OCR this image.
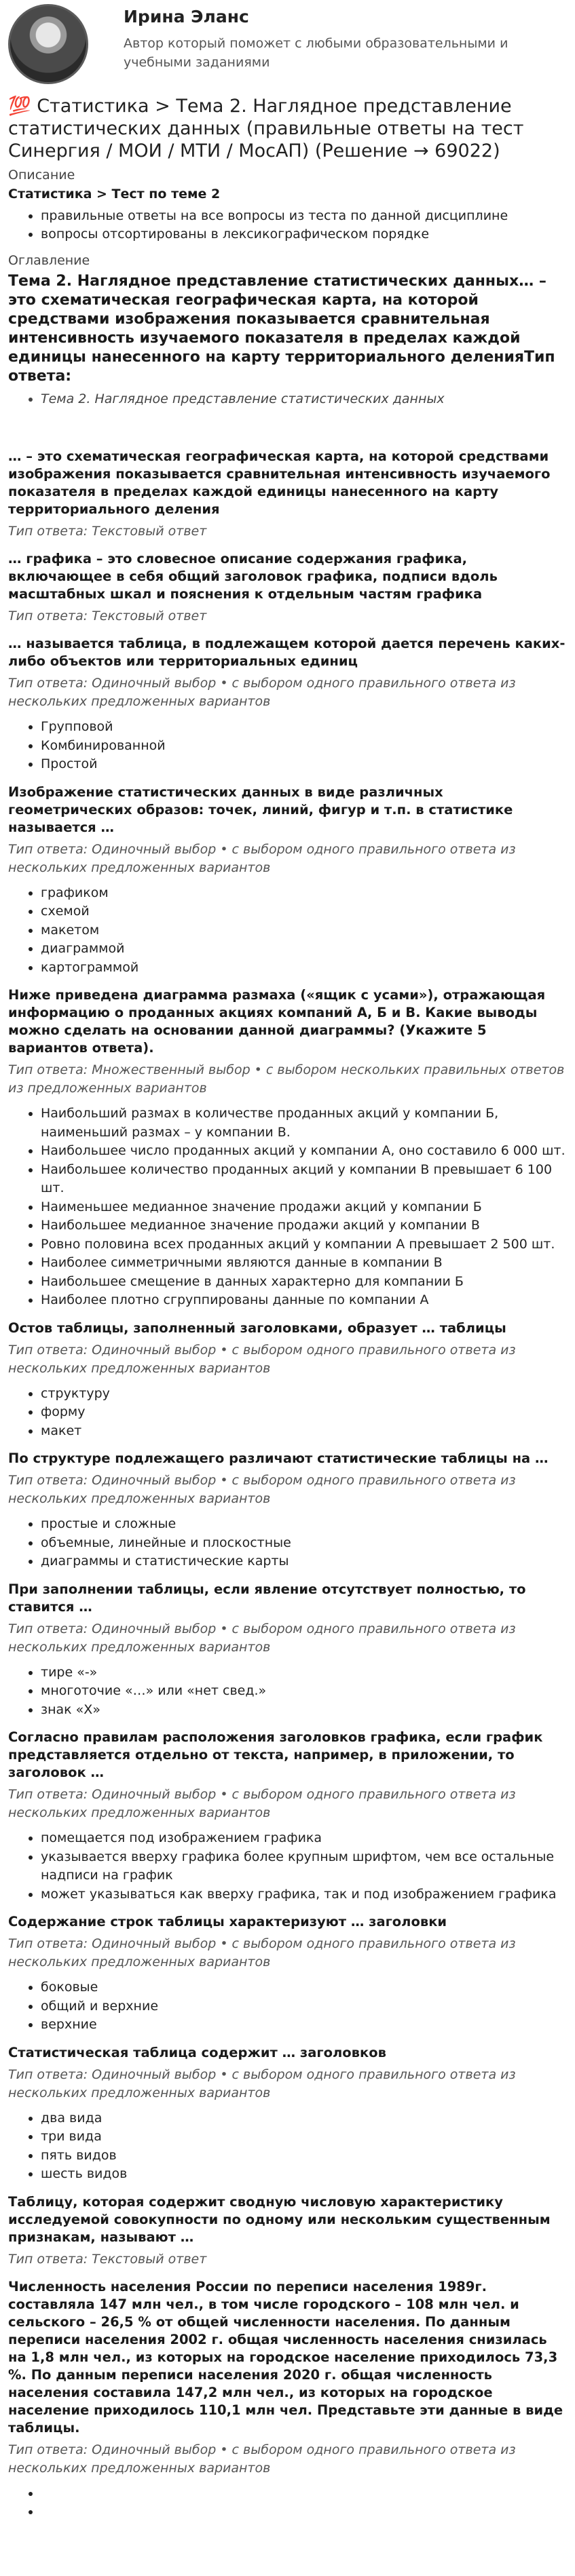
Ирина Эланс
Автор который поможет с любыми образовательными и учебными заданиями
💯 Статистика > Тема 2. Наглядное представление статистических данных (правильные ответы на тест Синергия / МОИ / МТИ / МосАП) (Решение → 69022)
Описание
Статистика > Тест по теме 2
• правильные ответы на все вопросы из теста по данной дисциплине
• вопросы отсортированы в лексикографическом порядке
Оглавление
Тема 2. Наглядное представление статистических данных… – это схематическая географическая карта, на которой средствами изображения показывается сравнительная интенсивность изучаемого показателя в пределах каждой единицы нанесенного на карту территориального деленияТип ответа:
• Тема 2. Наглядное представление статистических данных
… – это схематическая географическая карта, на которой средствами изображения показывается сравнительная интенсивность изучаемого показателя в пределах каждой единицы нанесенного на карту территориального деления
Тип ответа: Текстовый ответ
… графика – это словесное описание содержания графика, включающее в себя общий заголовок графика, подписи вдоль масштабных шкал и пояснения к отдельным частям графика
Тип ответа: Текстовый ответ
… называется таблица, в подлежащем которой дается перечень каких-либо объектов или территориальных единиц
Тип ответа: Одиночный выбор • с выбором одного правильного ответа из нескольких предложенных вариантов
• Групповой
• Комбинированной
• Простой
Изображение статистических данных в виде различных геометрических образов: точек, линий, фигур и т.п. в статистике называется …
Тип ответа: Одиночный выбор • с выбором одного правильного ответа из нескольких предложенных вариантов
• графиком
• схемой
• макетом
• диаграммой
• картограммой
Ниже приведена диаграмма размаха («ящик с усами»), отражающая информацию о проданных акциях компаний А, Б и В. Какие выводы можно сделать на основании данной диаграммы? (Укажите 5 вариантов ответа).
Тип ответа: Множественный выбор • с выбором нескольких правильных ответов из предложенных вариантов
• Наибольший размах в количестве проданных акций у компании Б, наименьший размах – у компании В.
• Наибольшее число проданных акций у компании А, оно составило 6 000 шт.
• Наибольшее количество проданных акций у компании В превышает 6 100 шт.
• Наименьшее медианное значение продажи акций у компании Б
• Наибольшее медианное значение продажи акций у компании В
• Ровно половина всех проданных акций у компании А превышает 2 500 шт.
• Наиболее симметричными являются данные в компании В
• Наибольшее смещение в данных характерно для компании Б
• Наиболее плотно сгруппированы данные по компании А
Остов таблицы, заполненный заголовками, образует … таблицы
Тип ответа: Одиночный выбор • с выбором одного правильного ответа из нескольких предложенных вариантов
• структуру
• форму
• макет
По структуре подлежащего различают статистические таблицы на …
Тип ответа: Одиночный выбор • с выбором одного правильного ответа из нескольких предложенных вариантов
• простые и сложные
• объемные, линейные и плоскостные
• диаграммы и статистические карты
При заполнении таблицы, если явление отсутствует полностью, то ставится …
Тип ответа: Одиночный выбор • с выбором одного правильного ответа из нескольких предложенных вариантов
• тире «-»
• многоточие «…» или «нет свед.»
• знак «Х»
Согласно правилам расположения заголовков графика, если график представляется отдельно от текста, например, в приложении, то заголовок …
Тип ответа: Одиночный выбор • с выбором одного правильного ответа из нескольких предложенных вариантов
• помещается под изображением графика
• указывается вверху графика более крупным шрифтом, чем все остальные надписи на график
• может указываться как вверху графика, так и под изображением графика
Содержание строк таблицы характеризуют … заголовки
Тип ответа: Одиночный выбор • с выбором одного правильного ответа из нескольких предложенных вариантов
• боковые
• общий и верхние
• верхние
Статистическая таблица содержит … заголовков
Тип ответа: Одиночный выбор • с выбором одного правильного ответа из нескольких предложенных вариантов
• два вида
• три вида
• пять видов
• шесть видов
Таблицу, которая содержит сводную числовую характеристику исследуемой совокупности по одному или нескольким существенным признакам, называют …
Тип ответа: Текстовый ответ
Численность населения России по переписи населения 1989г. составляла 147 млн чел., в том числе городского – 108 млн чел. и сельского – 26,5 % от общей численности населения. По данным переписи населения 2002 г. общая численность населения снизилась на 1,8 млн чел., из которых на городское население приходилось 73,3 %. По данным переписи населения 2020 г. общая численность населения составила 147,2 млн чел., из которых на городское население приходилось 110,1 млн чел. Представьте эти данные в виде таблицы.
Тип ответа: Одиночный выбор • с выбором одного правильного ответа из нескольких предложенных вариантов
•
•
